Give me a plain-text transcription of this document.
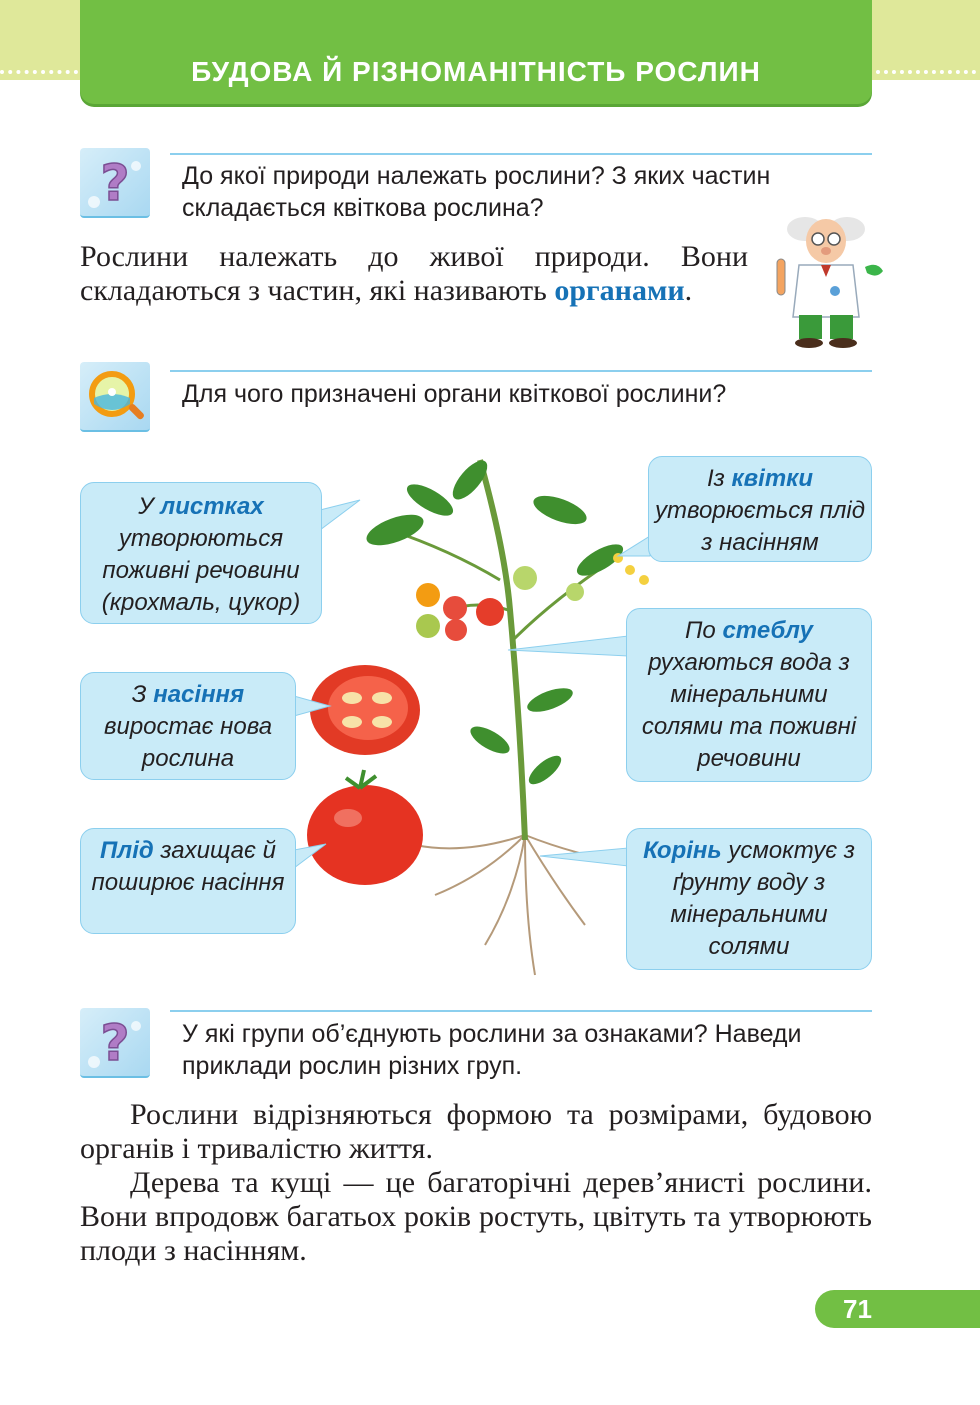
БУДОВА Й РІЗНОМАНІТНІСТЬ РОСЛИН
? До якої природи належать рослини? З яких частин складається квіткова рослина?
Рослини належать до живої природи. Вони складаються з частин, які називають органами.
Для чого призначені органи квіткової рослини?
У листках утворюються поживні речовини (крохмаль, цукор)
З насіння виростає нова рослина
Плід захищає й поширює насіння
Із квітки утворюється плід з насінням
По стеблу рухаються вода з мінеральними солями та поживні речовини
Корінь усмоктує з ґрунту воду з мінеральними солями
? У які групи об’єднують рослини за ознаками? Наведи приклади рослин різних груп.
Рослини відрізняються формою та розмірами, будовою органів і тривалістю життя.
Дерева та кущі — це багаторічні дерев’янисті рослини. Вони впродовж багатьох років ростуть, цвітуть та утворюють плоди з насінням.
71
